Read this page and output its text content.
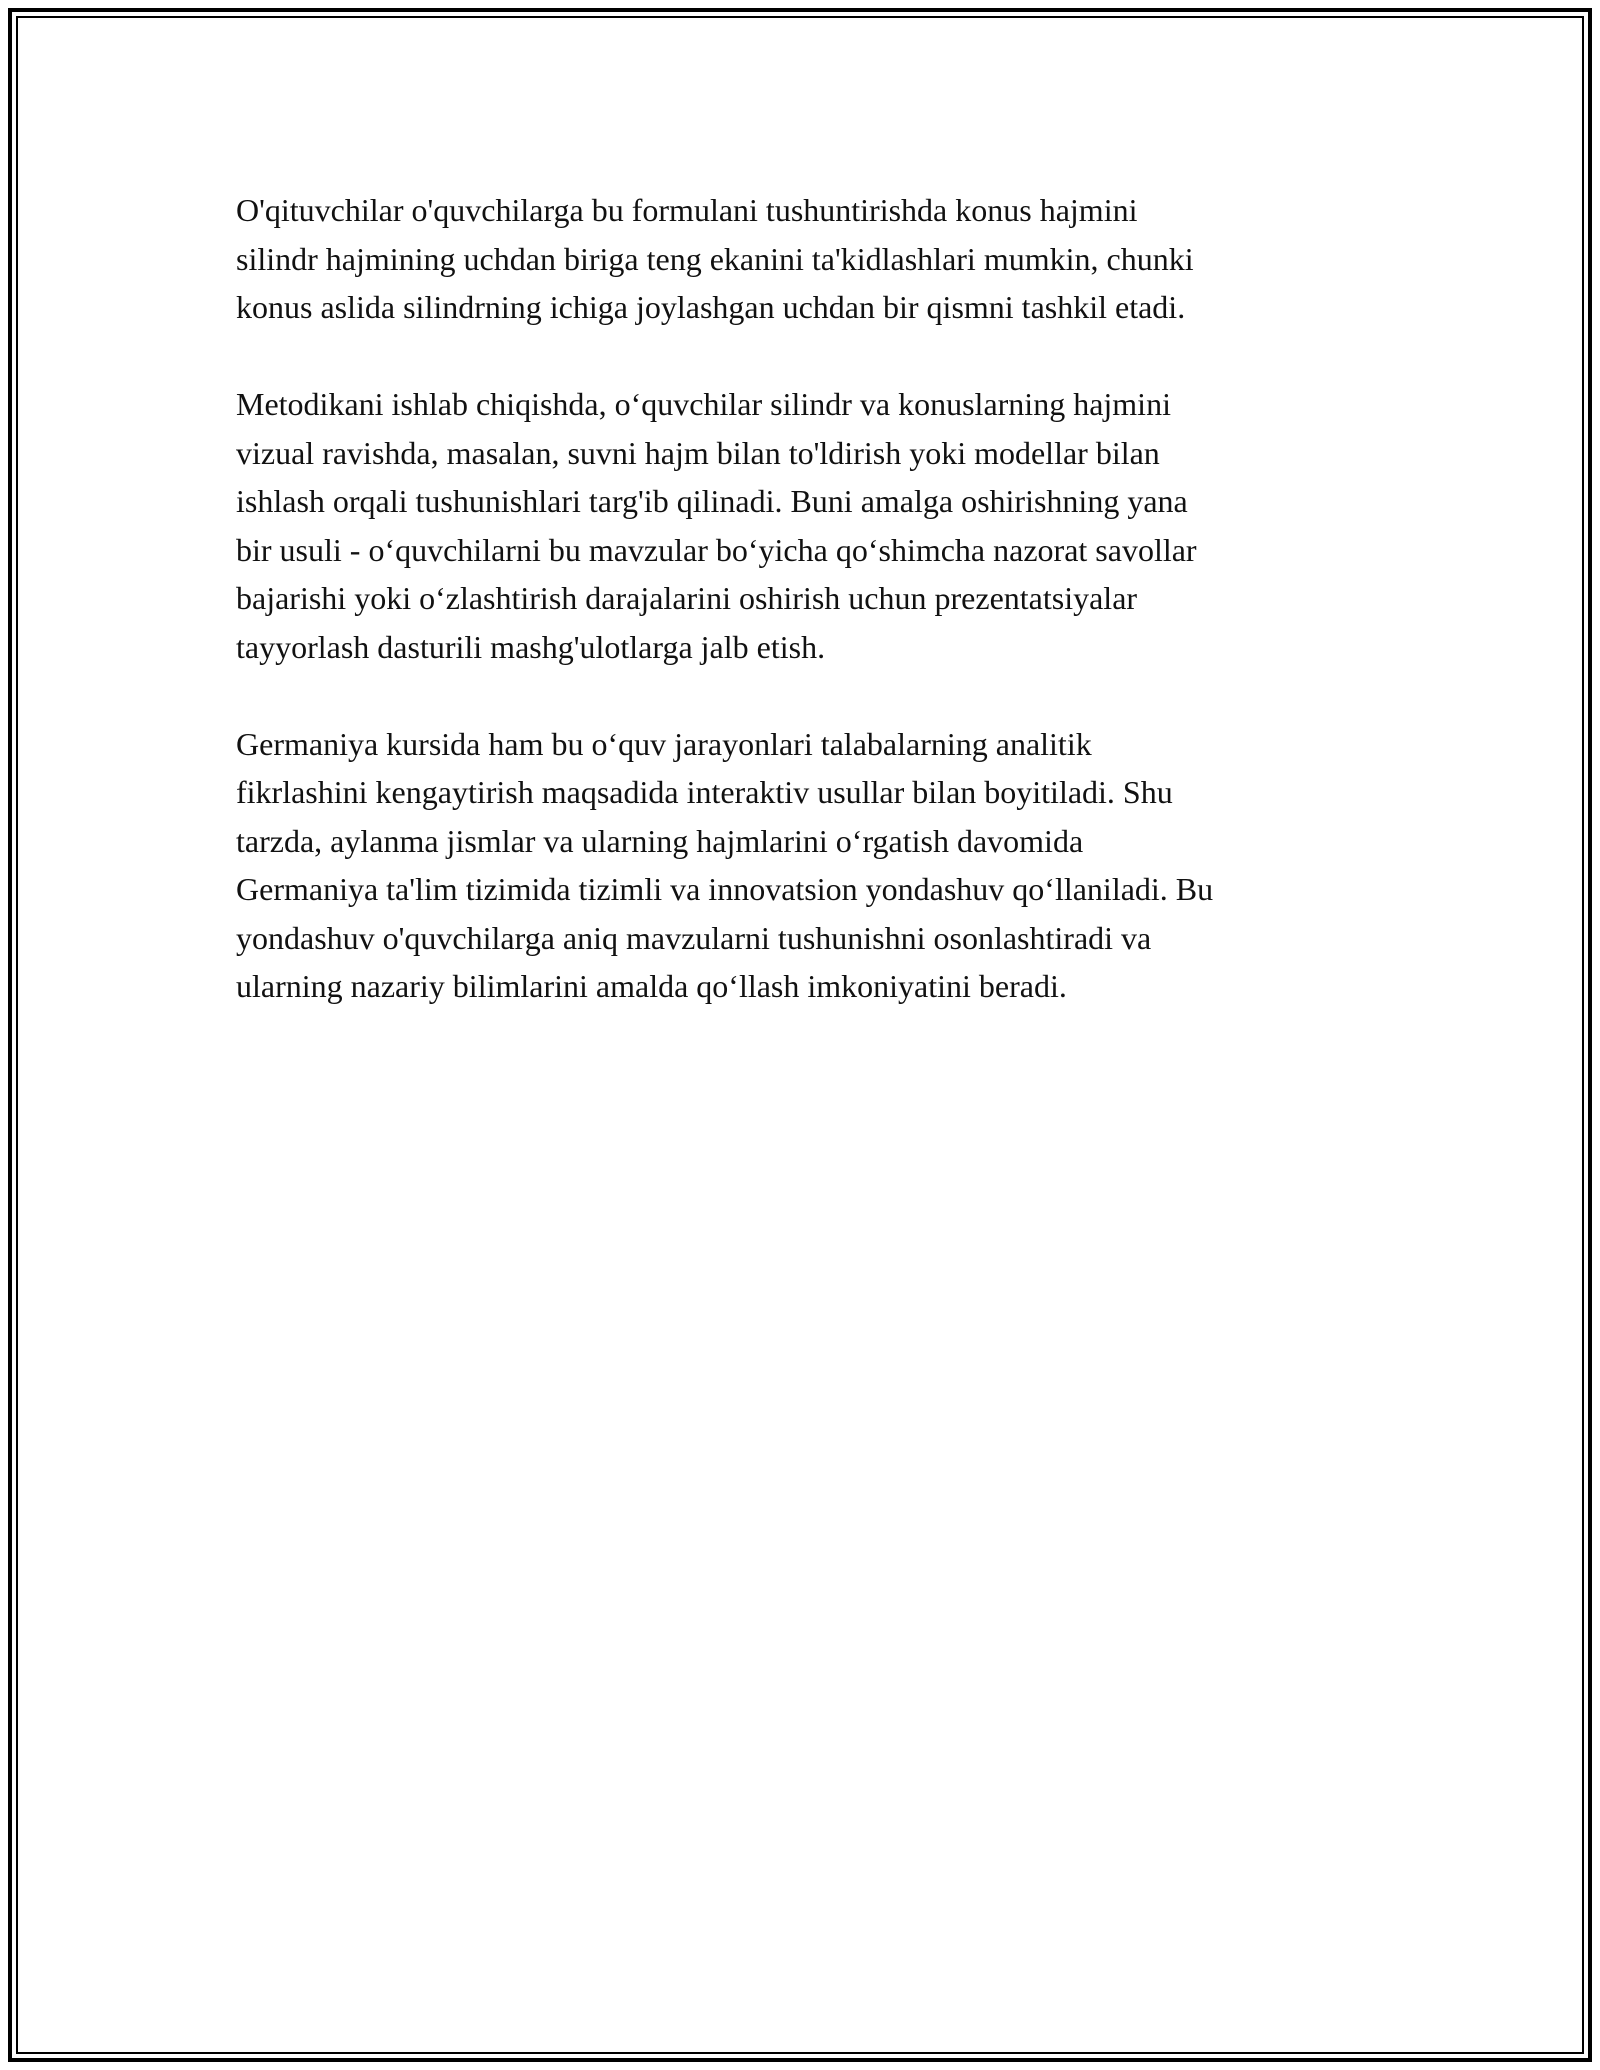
O'qituvchilar o'quvchilarga bu formulani tushuntirishda konus hajmini
silindr hajmining uchdan biriga teng ekanini ta'kidlashlari mumkin, chunki
konus aslida silindrning ichiga joylashgan uchdan bir qismni tashkil etadi.

Metodikani ishlab chiqishda, o‘quvchilar silindr va konuslarning hajmini
vizual ravishda, masalan, suvni hajm bilan to'ldirish yoki modellar bilan
ishlash orqali tushunishlari targ'ib qilinadi. Buni amalga oshirishning yana
bir usuli - o‘quvchilarni bu mavzular bo‘yicha qo‘shimcha nazorat savollar
bajarishi yoki o‘zlashtirish darajalarini oshirish uchun prezentatsiyalar
tayyorlash dasturili mashg'ulotlarga jalb etish.

Germaniya kursida ham bu o‘quv jarayonlari talabalarning analitik
fikrlashini kengaytirish maqsadida interaktiv usullar bilan boyitiladi. Shu
tarzda, aylanma jismlar va ularning hajmlarini o‘rgatish davomida
Germaniya ta'lim tizimida tizimli va innovatsion yondashuv qo‘llaniladi. Bu
yondashuv o'quvchilarga aniq mavzularni tushunishni osonlashtiradi va
ularning nazariy bilimlarini amalda qo‘llash imkoniyatini beradi.
